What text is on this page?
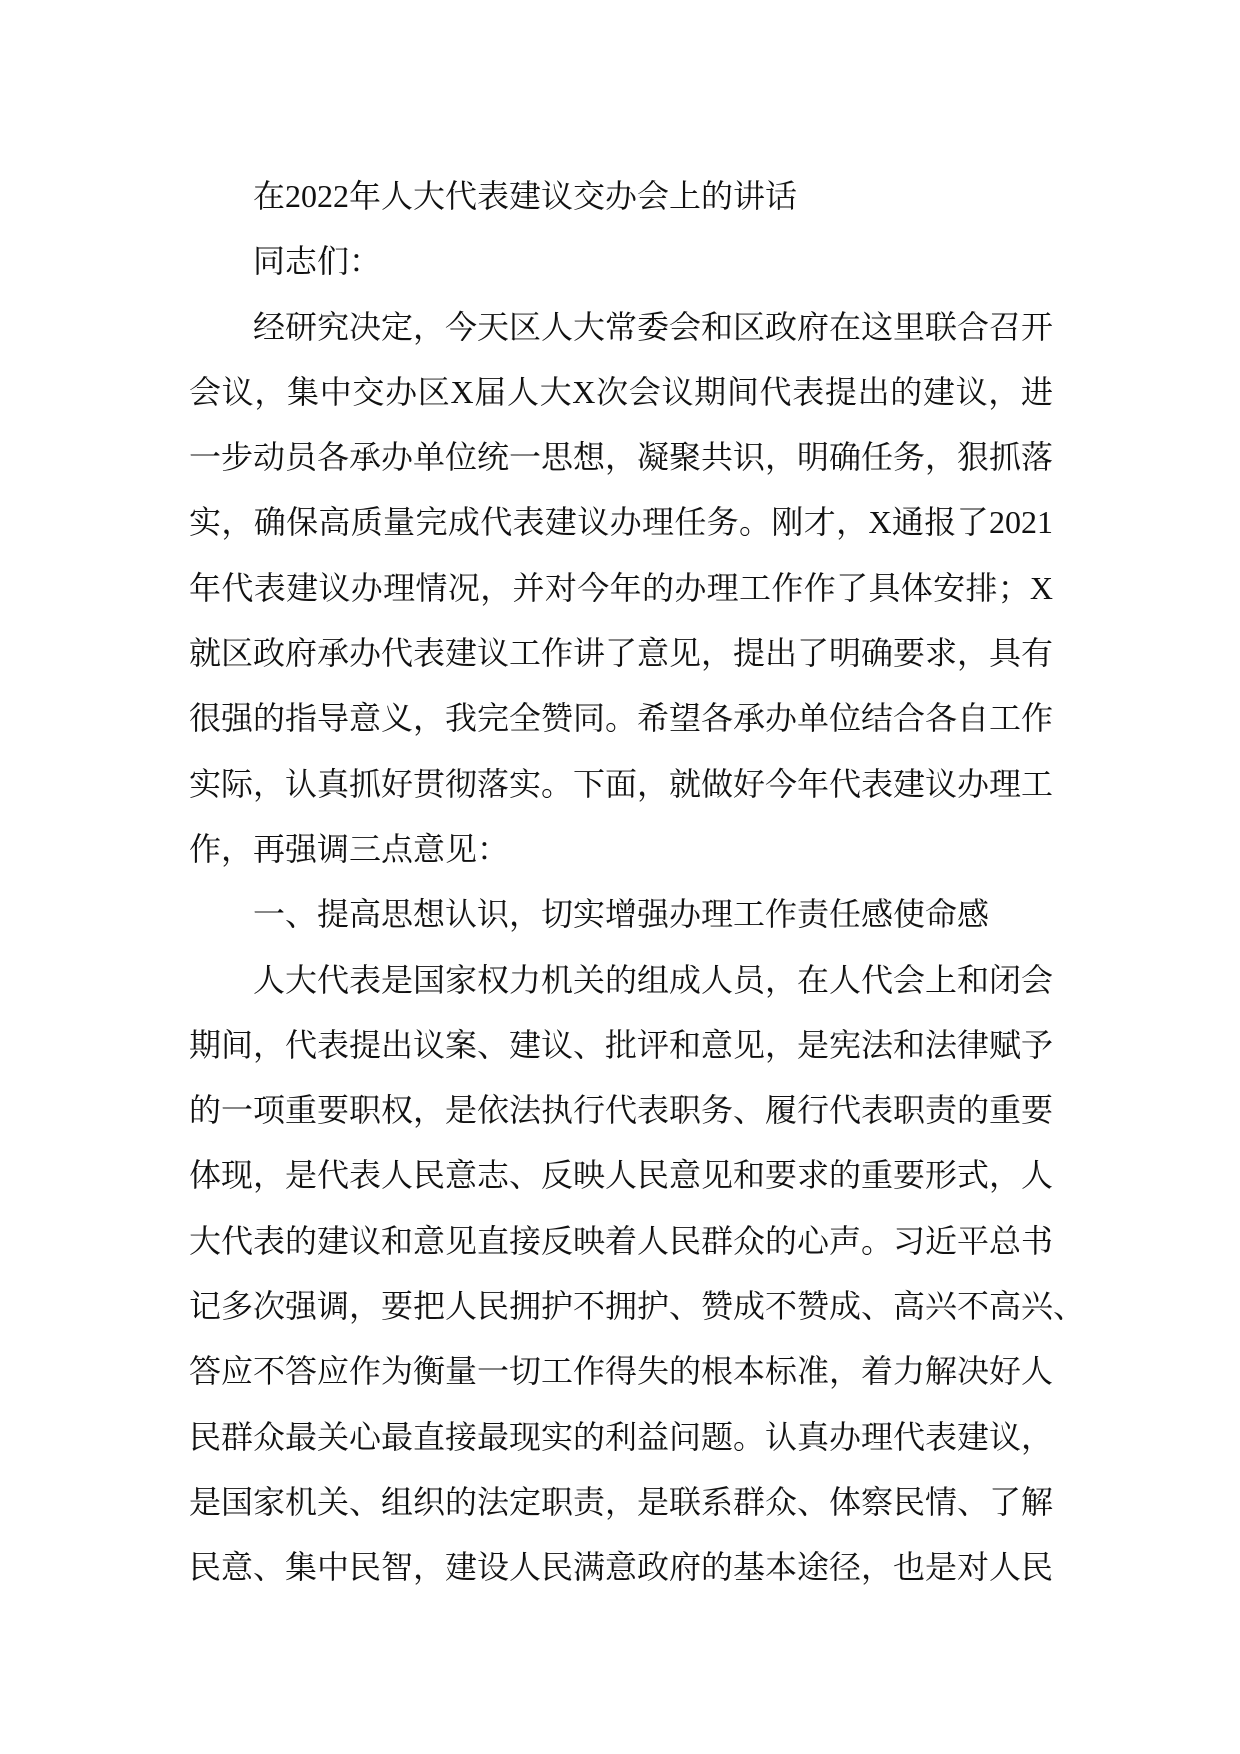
在2022年人大代表建议交办会上的讲话
同志们：
经研究决定，今天区人大常委会和区政府在这里联合召开
会议，集中交办区X届人大X次会议期间代表提出的建议，进
一步动员各承办单位统一思想，凝聚共识，明确任务，狠抓落
实，确保高质量完成代表建议办理任务。刚才，X通报了2021
年代表建议办理情况，并对今年的办理工作作了具体安排；X
就区政府承办代表建议工作讲了意见，提出了明确要求，具有
很强的指导意义，我完全赞同。希望各承办单位结合各自工作
实际，认真抓好贯彻落实。下面，就做好今年代表建议办理工
作，再强调三点意见：
一、提高思想认识，切实增强办理工作责任感使命感
人大代表是国家权力机关的组成人员，在人代会上和闭会
期间，代表提出议案、建议、批评和意见，是宪法和法律赋予
的一项重要职权，是依法执行代表职务、履行代表职责的重要
体现，是代表人民意志、反映人民意见和要求的重要形式，人
大代表的建议和意见直接反映着人民群众的心声。习近平总书
记多次强调，要把人民拥护不拥护、赞成不赞成、高兴不高兴、
答应不答应作为衡量一切工作得失的根本标准，着力解决好人
民群众最关心最直接最现实的利益问题。认真办理代表建议，
是国家机关、组织的法定职责，是联系群众、体察民情、了解
民意、集中民智，建设人民满意政府的基本途径，也是对人民
